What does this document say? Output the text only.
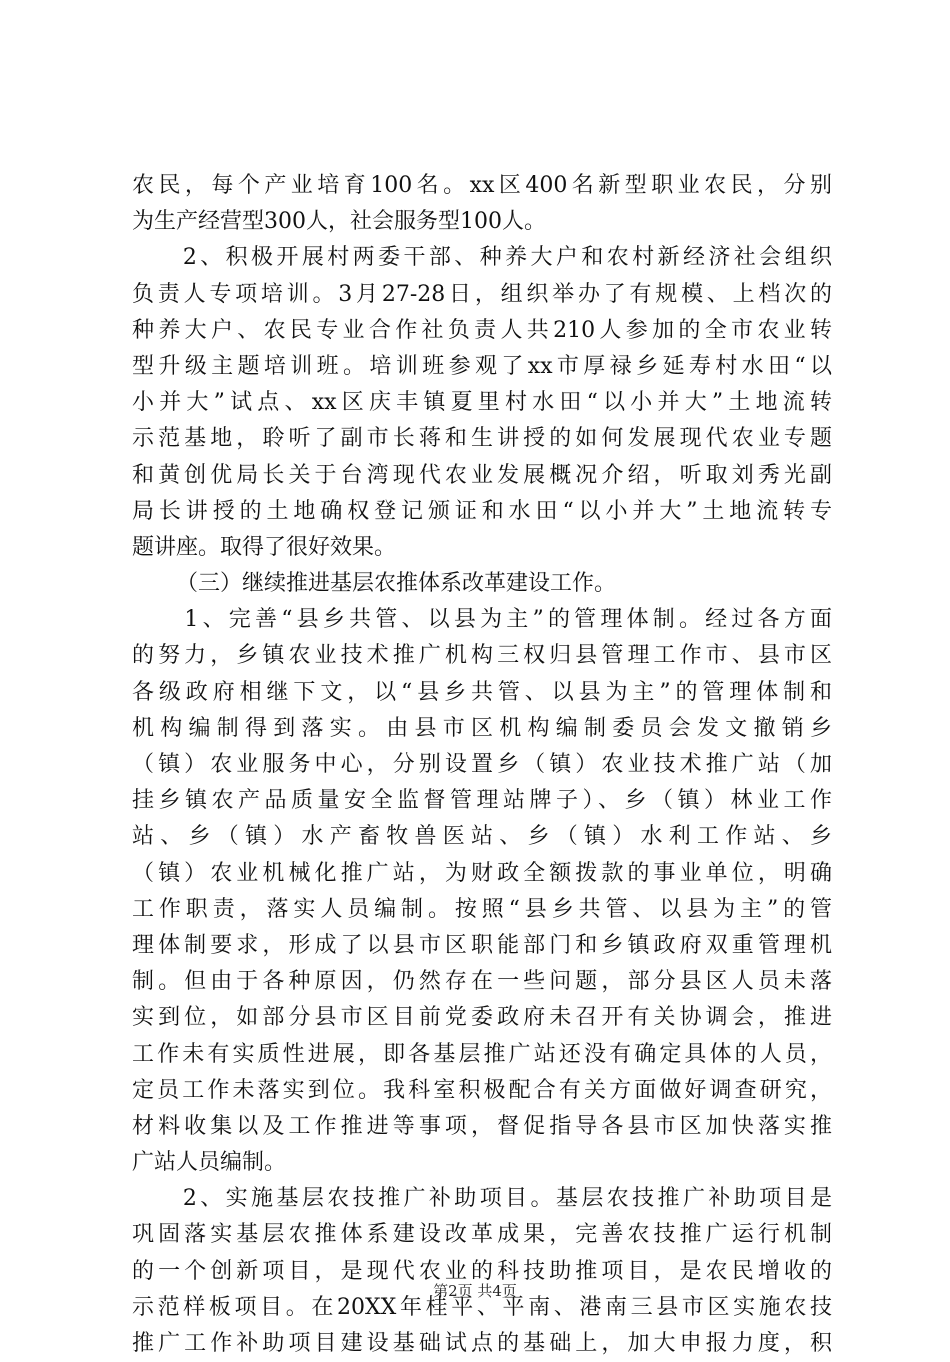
农民，每个产业培育100名。xx区400名新型职业农民，分别
为生产经营型300人，社会服务型100人。
　　2、积极开展村两委干部、种养大户和农村新经济社会组织
负责人专项培训。3月27-28日，组织举办了有规模、上档次的
种养大户、农民专业合作社负责人共210人参加的全市农业转
型升级主题培训班。培训班参观了xx市厚禄乡延寿村水田“以
小并大”试点、xx区庆丰镇夏里村水田“以小并大”土地流转
示范基地，聆听了副市长蒋和生讲授的如何发展现代农业专题
和黄创优局长关于台湾现代农业发展概况介绍，听取刘秀光副
局长讲授的土地确权登记颁证和水田“以小并大”土地流转专
题讲座。取得了很好效果。
（三）继续推进基层农推体系改革建设工作。
　　1、完善“县乡共管、以县为主”的管理体制。经过各方面
的努力，乡镇农业技术推广机构三权归县管理工作市、县市区
各级政府相继下文，以“县乡共管、以县为主”的管理体制和
机构编制得到落实。由县市区机构编制委员会发文撤销乡
（镇）农业服务中心，分别设置乡（镇）农业技术推广站（加
挂乡镇农产品质量安全监督管理站牌子）、乡（镇）林业工作
站、乡（镇）水产畜牧兽医站、乡（镇）水利工作站、乡
（镇）农业机械化推广站，为财政全额拨款的事业单位，明确
工作职责，落实人员编制。按照“县乡共管、以县为主”的管
理体制要求，形成了以县市区职能部门和乡镇政府双重管理机
制。但由于各种原因，仍然存在一些问题，部分县区人员未落
实到位，如部分县市区目前党委政府未召开有关协调会，推进
工作未有实质性进展，即各基层推广站还没有确定具体的人员，
定员工作未落实到位。我科室积极配合有关方面做好调查研究，
材料收集以及工作推进等事项，督促指导各县市区加快落实推
广站人员编制。
　　2、实施基层农技推广补助项目。基层农技推广补助项目是
巩固落实基层农推体系建设改革成果，完善农技推广运行机制
的一个创新项目，是现代农业的科技助推项目，是农民增收的
示范样板项目。在20XX年桂平、平南、港南三县市区实施农技
推广工作补助项目建设基础试点的基础上，加大申报力度，积
第2页 共4页
